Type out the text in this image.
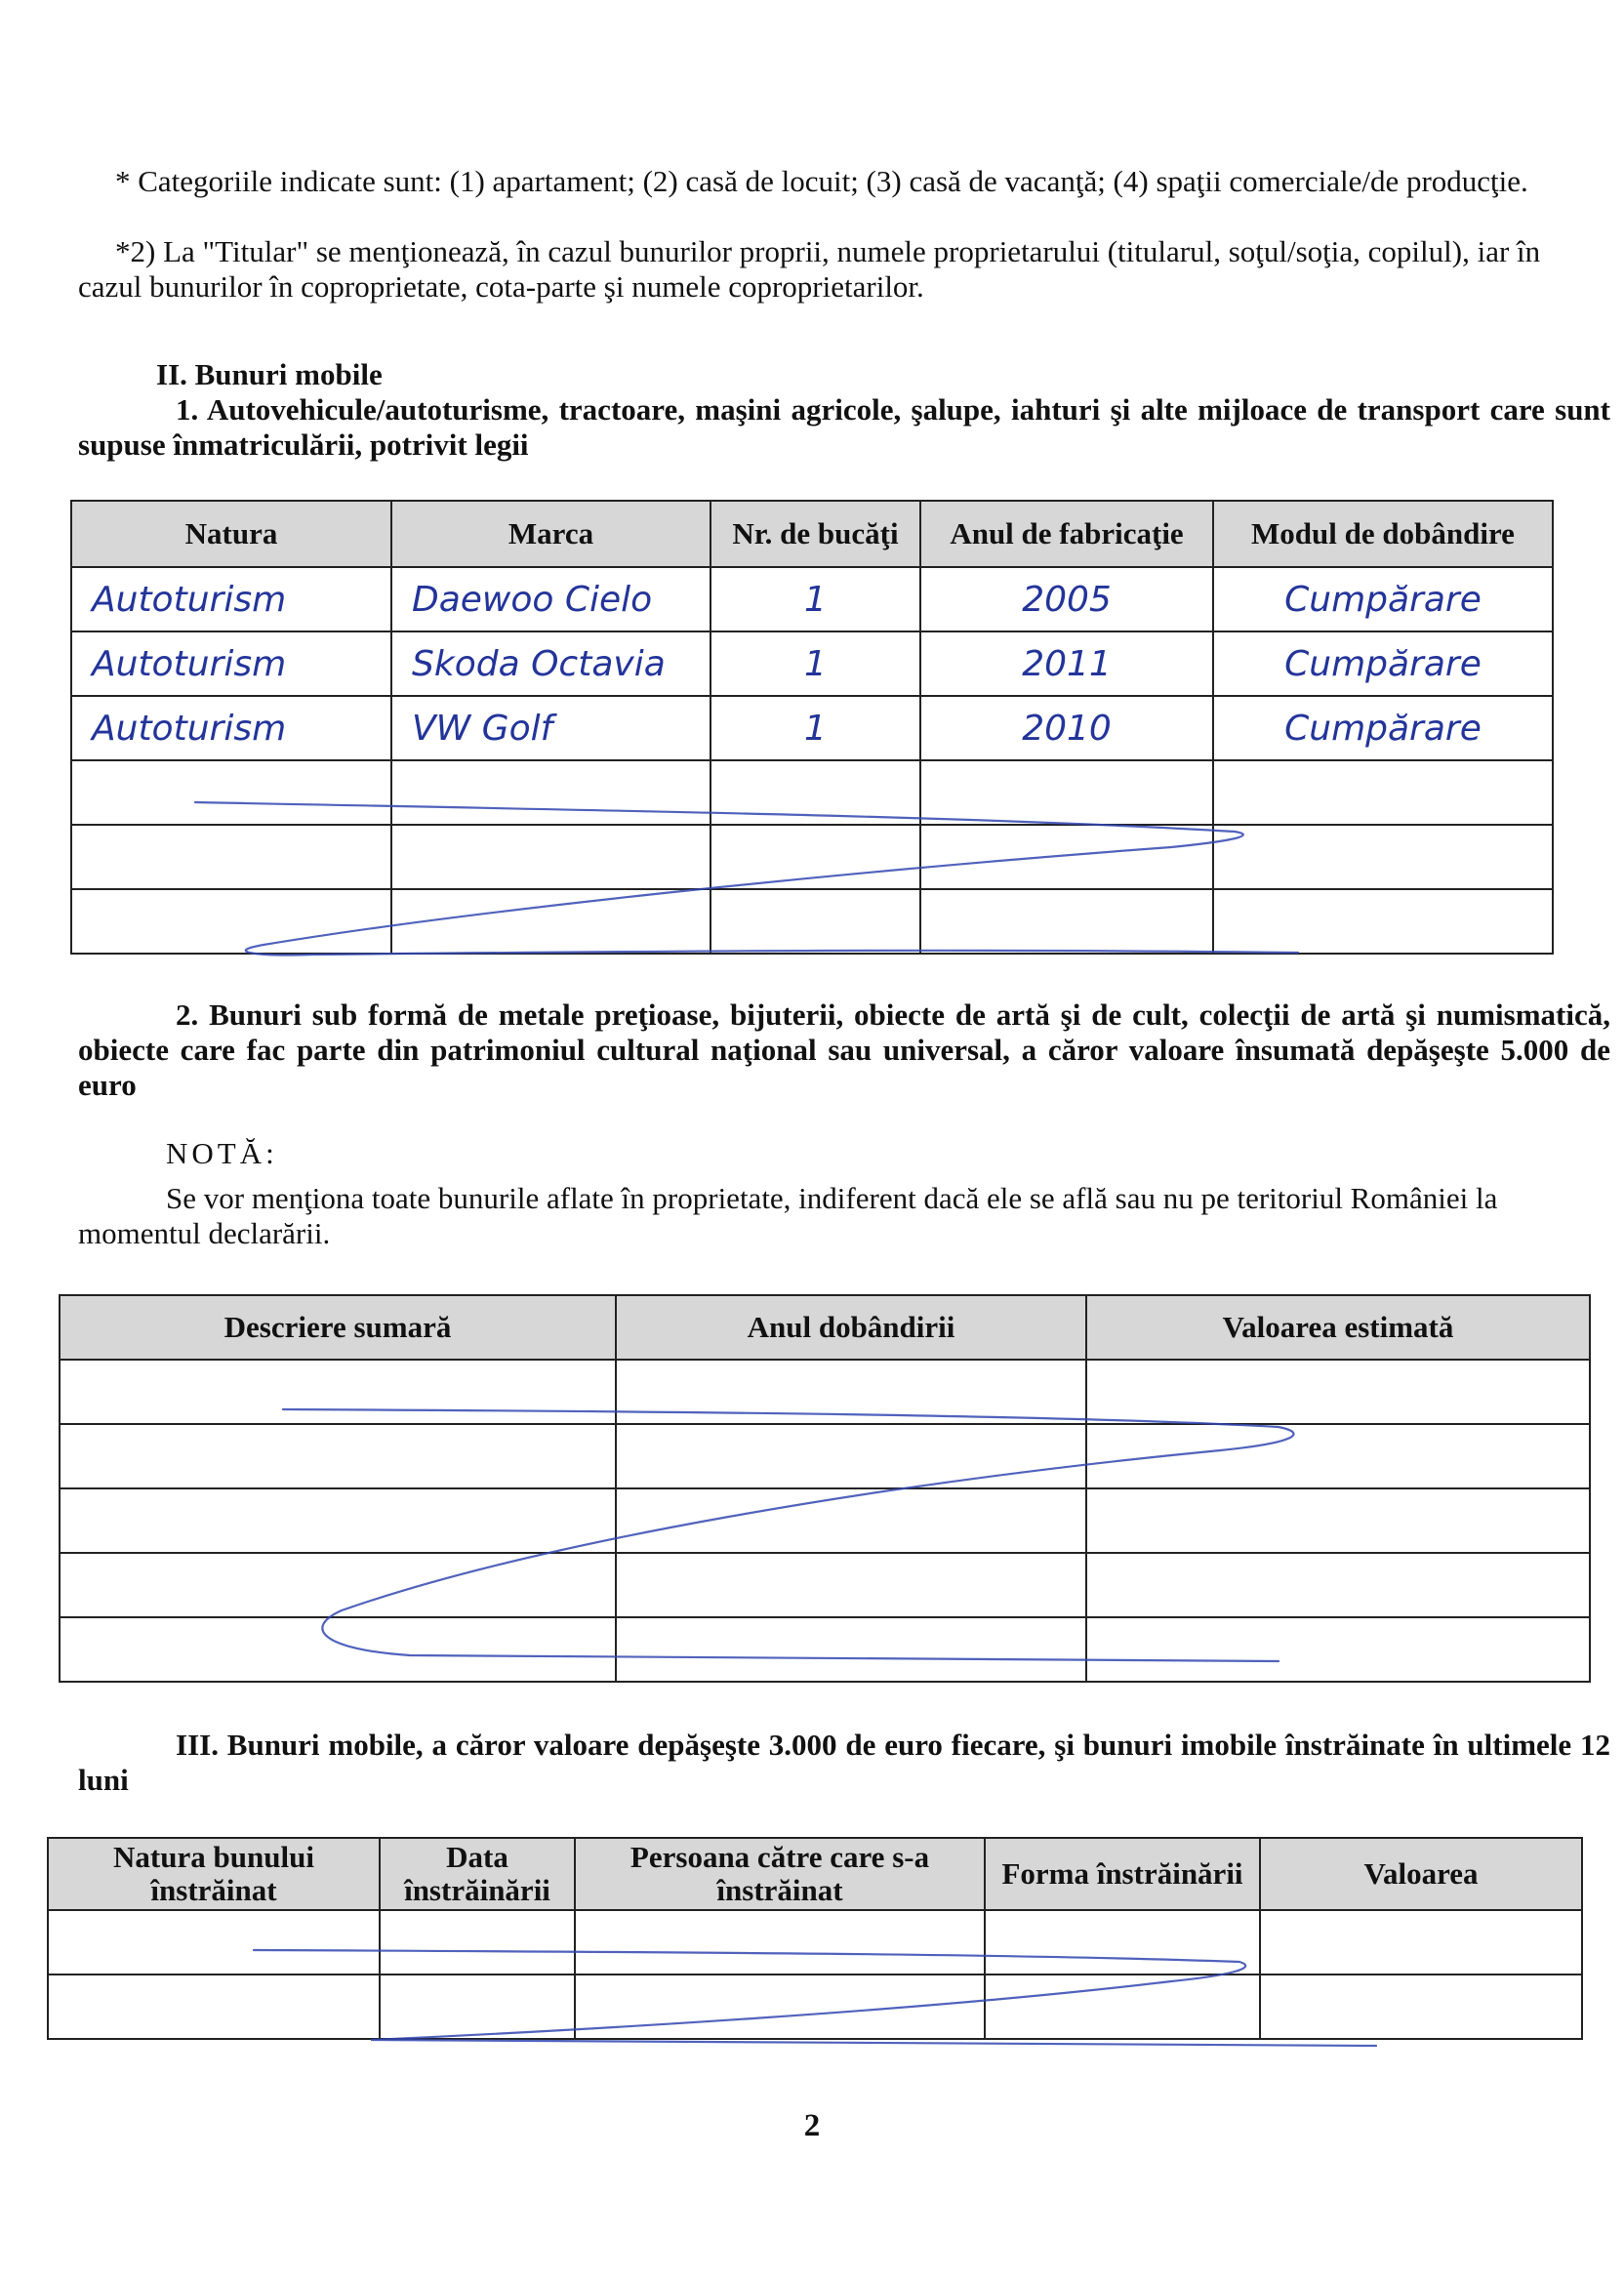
* Categoriile indicate sunt: (1) apartament; (2) casă de locuit; (3) casă de vacanţă; (4) spaţii comerciale/de producţie.

*2) La "Titular" se menţionează, în cazul bunurilor proprii, numele proprietarului (titularul, soţul/soţia, copilul), iar în cazul bunurilor în coproprietate, cota-parte şi numele coproprietarilor.

II. Bunuri mobile

1. Autovehicule/autoturisme, tractoare, maşini agricole, şalupe, iahturi şi alte mijloace de transport care sunt supuse înmatriculării, potrivit legii

Natura	Marca	Nr. de bucăţi	Anul de fabricaţie	Modul de dobândire
Autoturism	Daewoo Cielo	1	2005	Cumpărare
Autoturism	Skoda Octavia	1	2011	Cumpărare
Autoturism	VW Golf	1	2010	Cumpărare

2. Bunuri sub formă de metale preţioase, bijuterii, obiecte de artă şi de cult, colecţii de artă şi numismatică, obiecte care fac parte din patrimoniul cultural naţional sau universal, a căror valoare însumată depăşeşte 5.000 de euro

NOTĂ:

Se vor menţiona toate bunurile aflate în proprietate, indiferent dacă ele se află sau nu pe teritoriul României la momentul declarării.

Descriere sumară	Anul dobândirii	Valoarea estimată

III. Bunuri mobile, a căror valoare depăşeşte 3.000 de euro fiecare, şi bunuri imobile înstrăinate în ultimele 12 luni

Natura bunului înstrăinat	Data înstrăinării	Persoana către care s-a înstrăinat	Forma înstrăinării	Valoarea

2
